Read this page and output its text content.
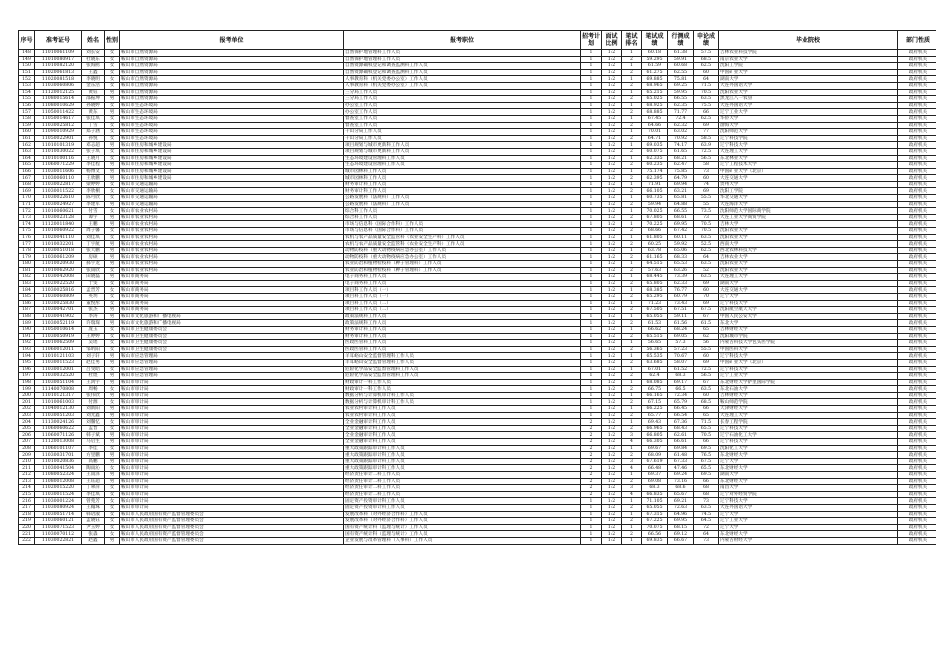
序号	准考证号	姓名	性别	报考单位	报考职位	招考计划	面试比例	笔试排名	笔试成绩	行测成绩	申论成绩	毕业院校	部门性质
148	11010061109	刘长安	女	鞍山市自然资源局	自然保护地管理科工作人员	1	1:2	1	60.18	61.38	57.5	吉林农业科技学院	政府机关
149	11010080917	杜晓东	女	鞍山市自然资源局	自然保护地管理科工作人员	1	1:2	2	59.295	59.91	68.5	南京农业大学	政府机关
150	11010082120	张海鸥	女	鞍山市自然资源局	自然资源确权登记和调查监测科工作人员	1	1:2	1	61.59	60.68	62.5	沈阳工学院	政府机关
151	11020061813	王鑫	女	鞍山市自然资源局	自然资源确权登记和调查监测科工作人员	1	1:2	2	61.275	62.55	60	中国矿业大学	政府机关
152	11020081518	李晓明	女	鞍山市自然资源局	人事教育科（机关党委办公室）工作人员	1	1:2	1	69.885	75.81	64	湖南大学	政府机关
153	11030060806	金东浩	女	鞍山市自然资源局	人事教育科（机关党委办公室）工作人员	1	1:2	2	68.965	69.25	71.5	大连外国语大学	政府机关
154	11120012125	黄钰	男	鞍山市自然资源局	三分局工作人员	1	1:2	1	65.215	59.95	70.5	沈阳农业大学	政府机关
155	11080015614	邵振坤	男	鞍山市自然资源局	三分局工作人员	1	1:2	2	65.025	66.55	63.5	黑龙江八一农垦	政府机关
156	11080010629	孙晓婷	女	鞍山市生态环境局	办公室工作人员	1	1:2	1	68.925	62.35	75.5	大连外国语大学	政府机关
157	11050011422	黄东	男	鞍山市生态环境局	办公室工作人员	1	1:2	2	68.885	71.77	66	辽宁工业大学	政府机关
158	11050014617	张佳琪	女	鞍山市生态环境局	督查室工作人员	1	1:2	1	67.45	72.4	62.5	华侨大学	政府机关
159	11030025812	丁雪	女	鞍山市生态环境局	督查室工作人员	1	1:2	2	64.66	62.32	69	渤海大学	政府机关
160	11090010929	郑子涵	女	鞍山市生态环境局	千山分局工作人员	1	1:2	1	70.01	63.02	77	沈阳师范大学	政府机关
161	11050022901	孙悦	女	鞍山市生态环境局	千山分局工作人员	1	1:2	2	64.71	70.92	58.5	辽宁科技学院	政府机关
162	11010101319	邓志超	男	鞍山市住房和城乡建设局	项目规划与城市更新科工作人员	1	1:2	1	69.035	74.17	63.9	辽宁科技大学	政府机关
163	11010030022	张子琪	女	鞍山市住房和城乡建设局	项目规划与城市更新科工作人员	1	1:2	2	60.075	61.65	72.5	大连理工大学	政府机关
164	11010100116	王晓月	女	鞍山市住房和城乡建设局	生态环境建设管理科工作人员	1	1:2	1	62.335	68.21	56.5	东北林业大学	政府机关
165	11060071229	李佳程	男	鞍山市住房和城乡建设局	生态环境建设管理科工作人员	1	1:2	2	60.235	62.47	58	辽宁工程技术大学	政府机关
166	11030011606	杨博文	男	鞍山市住房和城乡建设局	城市园林科工作人员	1	1:2	1	75.174	75.85	73	中国矿业大学（北京）	政府机关
167	11030060110	王欣鹏	男	鞍山市住房和城乡建设局	城市园林科工作人员	1	1:2	2	62.395	64.79	60	大连交通大学	政府机关
168	11030022817	梁婷婷	女	鞍山市交通运输局	财务审计科工作人员	1	1:2	1	71.91	69.94	74	贵州大学	政府机关
169	11030011522	李欣桐	女	鞍山市交通运输局	财务审计科工作人员	1	1:2	2	66.105	63.21	69	沈阳工学院	政府机关
170	11030022610	陈可欣	女	鞍山市交通运输局	公路发展科（法规科）工作人员	1	1:2	1	60.735	65.81	55.5	华北交通大学	政府机关
171	11030024927	李建军	男	鞍山市交通运输局	公路发展科（法规科）工作人员	1	1:2	2	59.94	64.88	55	大连海洋大学	政府机关
172	11010060621	付雪	女	鞍山市农业农村局	综合科工作人员	1	1:2	1	70.025	66.55	73.5	沈阳师范大学国际商学院	政府机关
173	11030023128	谭宇	男	鞍山市农业农村局	综合科工作人员	1	1:2	2	67.805	68.61	73	大连工业大学商贸学院	政府机关
174	11120011840	王鹏	男	鞍山市农业农村局	市场与信息科（国际合作科）工作人员	1	1:2	1	70.225	69.95	70.5	吉林大学	政府机关
175	11010060922	周子馨	女	鞍山市农业农村局	市场与信息科（国际合作科）工作人员	1	1:2	2	68.66	67.42	70.5	沈阳农业大学	政府机关
176	11020041110	刘佳琪	女	鞍山市农业农村局	农机与农产品质量安全监管科（农业安全生产科）工作人员	1	1:2	1	61.805	60.11	63.5	沈阳农业大学	政府机关
177	11010032201	丁宇航	男	鞍山市农业农村局	农机与农产品质量安全监管科（农业安全生产科）工作人员	1	1:2	2	60.25	59.92	52.5	西南大学	政府机关
178	11030051018	张天鹏	男	鞍山市农业农村局	动物防疫科（重大动物疫病应急办公室）工作人员	1	1:2	1	63.78	65.06	62.5	西北农林科技大学	政府机关
179	11030061209	房硕	男	鞍山市农业农村局	动物防疫科（重大动物疫病应急办公室）工作人员	1	1:2	2	61.165	68.33	64	吉林农业大学	政府机关
180	11010020930	郝宇龙	男	鞍山市农业农村局	农业防治和植物检疫科（种子管理科）工作人员	1	1:2	1	64.515	65.53	63.5	沈阳农业大学	政府机关
181	11010062920	张雨欣	女	鞍山市农业农村局	农业防治和植物检疫科（种子管理科）工作人员	1	1:2	2	57.63	63.26	52	沈阳农业大学	政府机关
182	11030042008	田晓磊	男	鞍山市商务局	电子商务科工作人员	1	1:2	1	68.445	73.39	63.5	大连理工大学	政府机关
183	11020022520	于雯	女	鞍山市商务局	电子商务科工作人员	1	1:2	2	65.805	62.33	69	湖南大学	政府机关
184	11030025816	孟晋芳	女	鞍山市商务局	项目科工作人员（一）	1	1:2	1	68.385	76.77	60	大连交通大学	政府机关
185	11030060809	英玥	女	鞍山市商务局	项目科工作人员（一）	1	1:2	2	65.295	60.79	70	辽宁大学	政府机关
186	11030025830	董悦彤	女	鞍山市商务局	项目科工作人员（二）	1	1:2	1	71.23	73.43	69	辽宁科技大学	政府机关
187	11030042701	张杰	男	鞍山市商务局	项目科工作人员（二）	1	1:2	2	67.505	67.51	67.5	沈阳航空航天大学	政府机关
188	11030041902	李涛	男	鞍山市文化旅游和广播电视局	政策法规科工作人员	1	1:2	1	65.055	59.11	67	中国人民公安大学	政府机关
189	11030052119	许瑞琛	男	鞍山市文化旅游和广播电视局	政策法规科工作人员	1	1:2	2	61.53	61.56	61.5	东北大学	政府机关
190	11050010614	庞玉	女	鞍山市卫生健康委员会	财务审计科工作人员	1	1:2	1	66.62	68.24	65	吉林财经大学	政府机关
191	11030050919	王婷婷	女	鞍山市卫生健康委员会	财务审计科工作人员	1	1:2	2	65.515	69.05	62	沈阳城市学院	政府机关
192	11010062509	吴瑶	女	鞍山市卫生健康委员会	医政医管科工作人员	1	1:2	1	56.65	57.3	56	内蒙古科技大学包头医学院	政府机关
193	11060012011	邹昕阳	女	鞍山市卫生健康委员会	医政医管科工作人员	1	1:2	2	56.365	57.23	55.5	中国医科大学	政府机关
194	11010121103	刘子轩	男	鞍山市应急管理局	羊耳峪山安全监督管理科工作人员	1	1:2	1	65.535	70.67	60	辽宁科技大学	政府机关
195	11030011523	赵佳男	男	鞍山市应急管理局	羊耳峪山安全监督管理科工作人员	1	1:2	2	63.685	58.07	69	中国矿业大学（北京）	政府机关
196	11030012001	吕旻昭	女	鞍山市应急管理局	危险化学品安全监督管理科工作人员	1	1:2	1	67.01	61.52	72.5	辽宁科技大学	政府机关
197	11030032520	杜煜	男	鞍山市应急管理局	危险化学品安全监督管理科工作人员	1	1:2	2	62.4	68.3	56.5	辽宁工业大学	政府机关
198	11030051104	王鸿宇	男	鞍山市审计局	财政审计一科工作人员	1	1:2	1	68.085	69.17	67	东北财经大学萨里国际学院	政府机关
199	11140070808	周畅	女	鞍山市审计局	财政审计一科工作人员	1	1:2	2	66.75	66.5	63.5	东北石油大学	政府机关
200	11010121317	张伟欣	男	鞍山市审计局	数据分析与计算机审计科工作人员	1	1:2	1	66.165	72.34	60	吉林财经大学	政府机关
201	11010061003	付源	女	鞍山市审计局	数据分析与计算机审计科工作人员	1	1:2	2	67.15	65.79	68.5	鞍山师范学院	政府机关
202	11040012130	刘新阳	男	鞍山市审计局	农业农村审计科工作人员	1	1:2	1	66.225	66.45	66	天津财经大学	政府机关
203	11030051203	刘光鑫	男	鞍山市审计局	农业农村审计科工作人员	1	1:2	2	65.77	66.54	65	大连理工大学	政府机关
204	11130024126	刘馨忆	女	鞍山市审计局	全业金融审计科工作人员	2	1:2	1	69.43	67.36	71.5	长春工程学院	政府机关
205	11060060622	孟晋	女	鞍山市审计局	全业金融审计科工作人员	2	1:2	2	66.965	68.43	65.5	辽宁科技大学	政府机关
206	11060071126	韩子斌	男	鞍山市审计局	全业金融审计科工作人员	2	1:2	3	66.805	62.61	70.5	辽宁石油化工大学	政府机关
207	11120013008	马启生	男	鞍山市审计局	全业金融审计科工作人员	2	1:2	4	66.305	66.61	66	辽宁科技大学	政府机关
208	11060101107	李佳	女	鞍山市审计局	重大政策跟踪审计科工作人员	2	1:2	1	69.67	69.84	69.5	沈阳化工大学	政府机关
209	11030031701	方里鹏	男	鞍山市审计局	重大政策跟踪审计科工作人员	2	1:2	2	68.09	61.48	76.5	东北财经大学	政府机关
210	11010020836	高鹏	男	鞍山市审计局	重大政策跟踪审计科工作人员	2	1:2	3	67.619	67.33	67.5	辽宁大学	政府机关
211	11030041504	陶雨沁	女	鞍山市审计局	重大政策跟踪审计科工作人员	2	1:2	4	66.48	47.46	65.5	东北财经大学	政府机关
212	11080052324	王雨泽	男	鞍山市审计局	经济责任审计二科工作人员	2	1:2	1	69.37	69.24	69.5	湖南大学	政府机关
213	11080012008	王钰超	男	鞍山市审计局	经济责任审计二科工作人员	2	1:2	2	69.08	73.16	66	东北财经大学	政府机关
214	11020015220	丁翠萍	女	鞍山市审计局	经济责任审计二科工作人员	2	1:2	3	68.3	68.6	68	南昌大学	政府机关
215	11030011524	李佳琪	女	鞍山市审计局	经济责任审计二科工作人员	2	1:2	4	66.835	65.67	68	辽宁对外经贸学院	政府机关
216	11030001224	曾苑芳	女	鞍山市审计局	固定资产投资审计科工作人员	1	1:2	1	71.105	69.21	73	辽宁科技大学	政府机关
217	11030080924	王翰珠	女	鞍山市审计局	固定资产投资审计科工作人员	1	1:2	2	65.055	72.63	63.5	大连外国语大学	政府机关
218	11030051714	韩语淑	女	鞍山市人民政府国有资产监督管理委员会	发展改革科（对外经济合作科）工作人员	1	1:2	1	67.315	64.96	74.5	辽宁大学	政府机关
219	11030060121	孟晓钰	女	鞍山市人民政府国有资产监督管理委员会	发展改革科（对外经济合作科）工作人员	1	1:2	2	67.225	69.95	64.5	辽宁工业大学	政府机关
220	11030071523	尹玉婷	女	鞍山市人民政府国有资产监督管理委员会	国有资产统计科（监理与统计）工作人员	1	1:2	1	70.075	68.15	72	辽宁大学	政府机关
221	11030070112	张淼	女	鞍山市人民政府国有资产监督管理委员会	国有资产统计科（监理与统计）工作人员	1	1:2	2	66.56	69.12	64	东北财经大学	政府机关
222	11030022821	赵鑫	男	鞍山市人民政府国有资产监督管理委员会	企业发展与改革管理科（人事科）工作人员	1	1:2	1	69.835	66.67	73	内蒙古财经大学	政府机关
